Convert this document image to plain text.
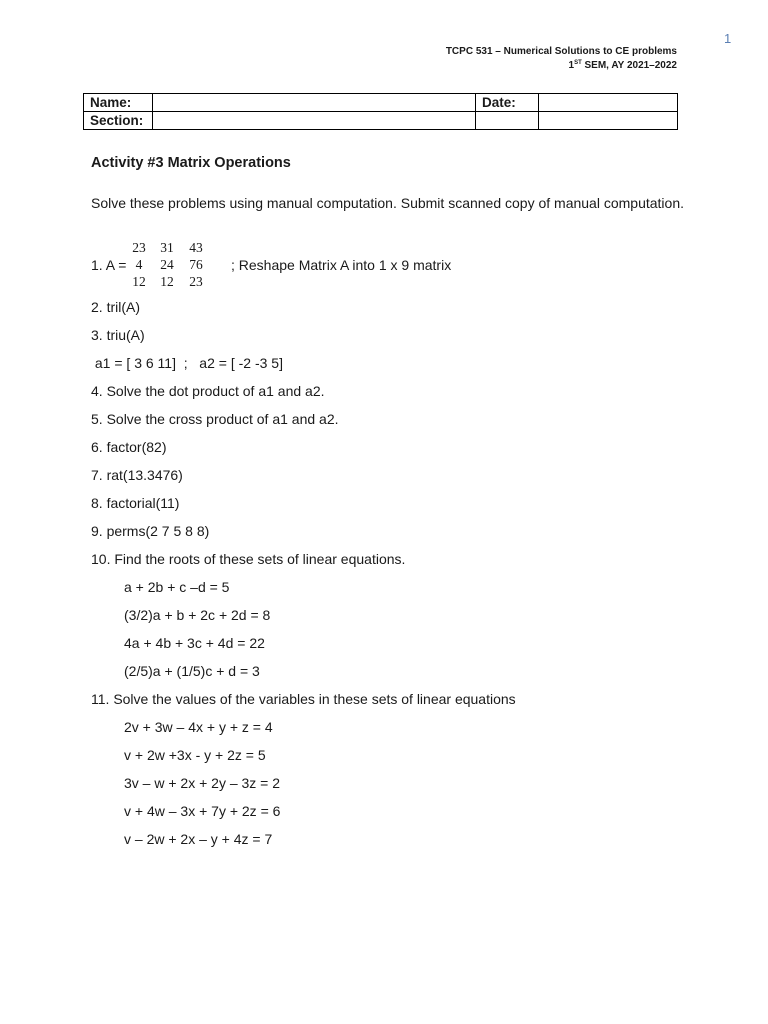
1
TCPC 531 – Numerical Solutions to CE problems
1ST SEM, AY 2021–2022
Name:		Date:	
Section:			
Activity #3 Matrix Operations
Solve these problems using manual computation. Submit scanned copy of manual computation.
1. A =
23	31	43
4	24	76
12	12	23
; Reshape Matrix A into 1 x 9 matrix
2. tril(A)
3. triu(A)
a1 = [ 3 6 11]  ;   a2 = [ -2 -3 5]
4. Solve the dot product of a1 and a2.
5. Solve the cross product of a1 and a2.
6. factor(82)
7. rat(13.3476)
8. factorial(11)
9. perms(2 7 5 8 8)
10. Find the roots of these sets of linear equations.
a + 2b + c –d = 5
(3/2)a + b + 2c + 2d = 8
4a + 4b + 3c + 4d = 22
(2/5)a + (1/5)c + d = 3
11. Solve the values of the variables in these sets of linear equations
2v + 3w – 4x + y + z = 4
v + 2w +3x - y + 2z = 5
3v – w + 2x + 2y – 3z = 2
v + 4w – 3x + 7y + 2z = 6
v – 2w + 2x – y + 4z = 7
